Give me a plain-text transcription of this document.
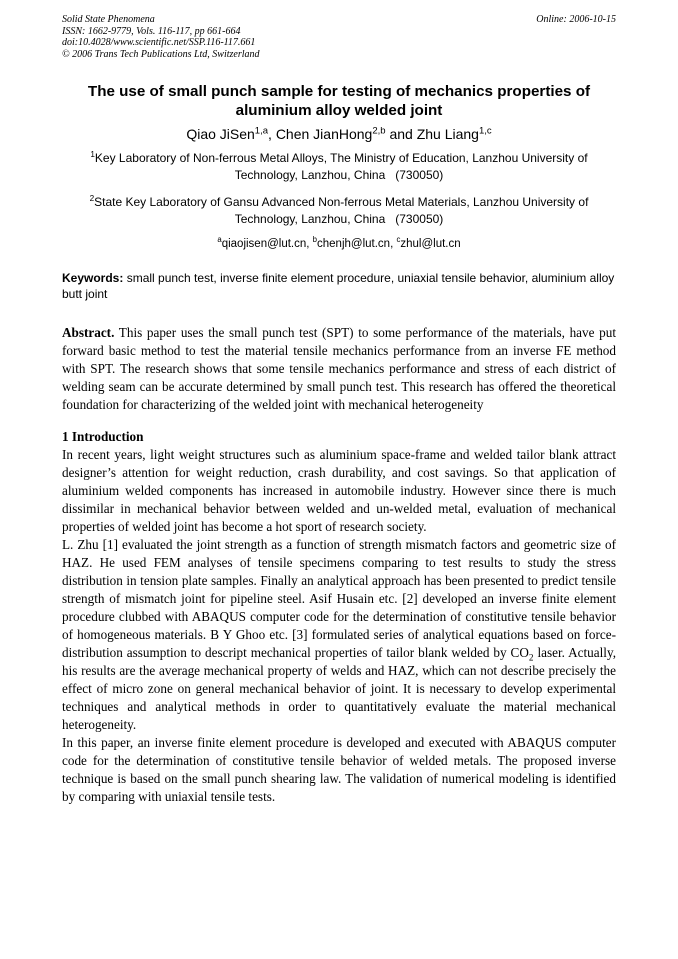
Solid State Phenomena
ISSN: 1662-9779, Vols. 116-117, pp 661-664
doi:10.4028/www.scientific.net/SSP.116-117.661
© 2006 Trans Tech Publications Ltd, Switzerland
Online: 2006-10-15
The use of small punch sample for testing of mechanics properties of
aluminium alloy welded joint
Qiao JiSen$^{1,a}$, Chen JianHong$^{2,b}$ and Zhu Liang$^{1,c}$
$^1$Key Laboratory of Non-ferrous Metal Alloys, The Ministry of Education, Lanzhou University of
Technology, Lanzhou, China   (730050)
$^2$State Key Laboratory of Gansu Advanced Non-ferrous Metal Materials, Lanzhou University of
Technology, Lanzhou, China   (730050)
$^a$qiaojisen@lut.cn, $^b$chenjh@lut.cn, $^c$zhul@lut.cn
Keywords: small punch test, inverse finite element procedure, uniaxial tensile behavior, aluminium alloy butt joint
Abstract. This paper uses the small punch test (SPT) to some performance of the materials, have put forward basic method to test the material tensile mechanics performance from an inverse FE method with SPT. The research shows that some tensile mechanics performance and stress of each district of welding seam can be accurate determined by small punch test. This research has offered the theoretical foundation for characterizing of the welded joint with mechanical heterogeneity
1 Introduction

In recent years, light weight structures such as aluminium space-frame and welded tailor blank attract designer’s attention for weight reduction, crash durability, and cost savings. So that application of aluminium welded components has increased in automobile industry. However since there is much dissimilar in mechanical behavior between welded and un-welded metal, evaluation of mechanical properties of welded joint has become a hot sport of research society.

L. Zhu [1] evaluated the joint strength as a function of strength mismatch factors and geometric size of HAZ. He used FEM analyses of tensile specimens comparing to test results to study the stress distribution in tension plate samples. Finally an analytical approach has been presented to predict tensile strength of mismatch joint for pipeline steel. Asif Husain etc. [2] developed an inverse finite element procedure clubbed with ABAQUS computer code for the determination of constitutive tensile behavior of homogeneous materials. B Y Ghoo etc. [3] formulated series of analytical equations based on force-distribution assumption to descript mechanical properties of tailor blank welded by $CO_2$ laser. Actually, his results are the average mechanical property of welds and HAZ, which can not describe precisely the effect of micro zone on general mechanical behavior of joint. It is necessary to develop experimental techniques and analytical methods in order to quantitatively evaluate the material mechanical heterogeneity.

In this paper, an inverse finite element procedure is developed and executed with ABAQUS computer code for the determination of constitutive tensile behavior of welded metals. The proposed inverse technique is based on the small punch shearing law. The validation of numerical modeling is identified by comparing with uniaxial tensile tests.
